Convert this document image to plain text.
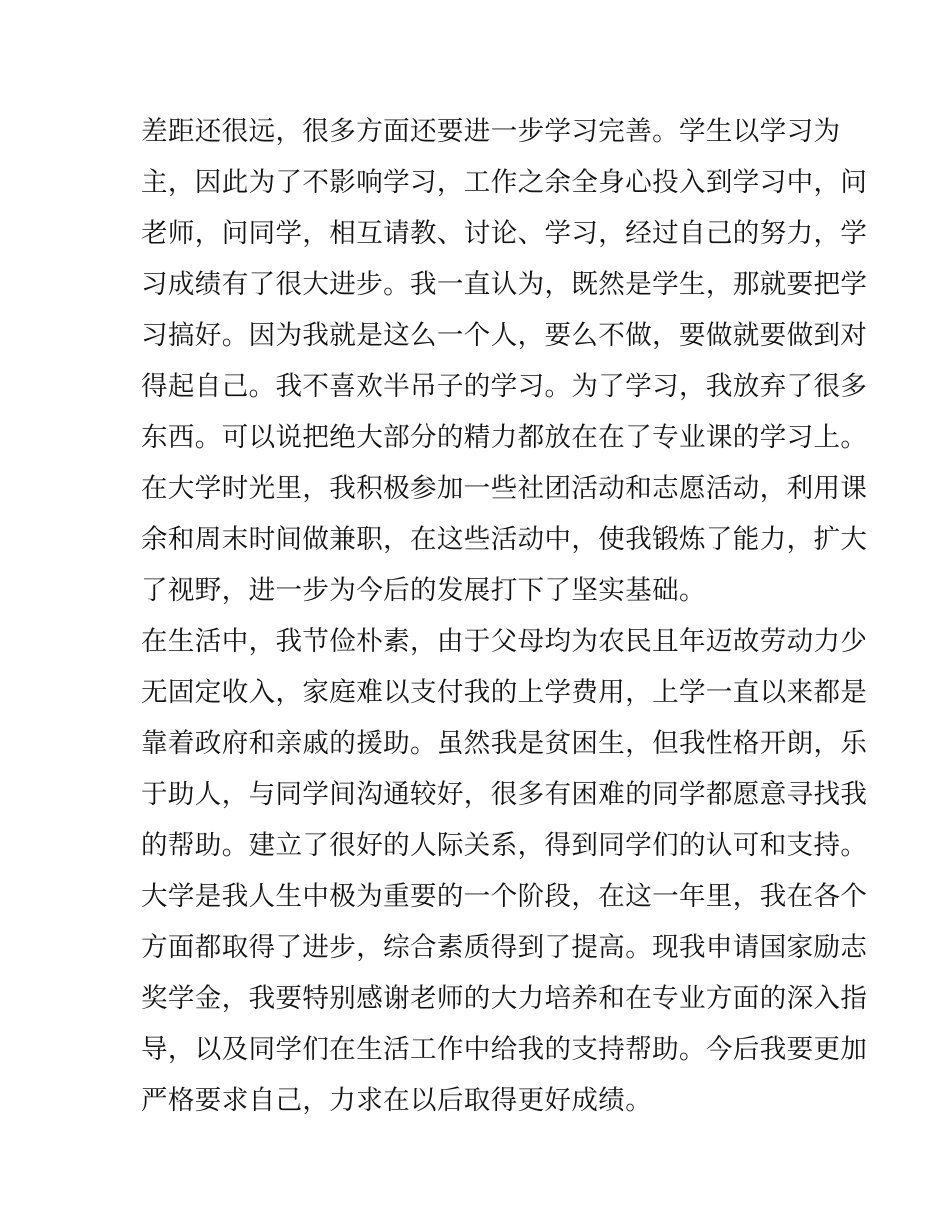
差距还很远，很多方面还要进一步学习完善。学生以学习为
主，因此为了不影响学习，工作之余全身心投入到学习中，问
老师，问同学，相互请教、讨论、学习，经过自己的努力，学
习成绩有了很大进步。我一直认为，既然是学生，那就要把学
习搞好。因为我就是这么一个人，要么不做，要做就要做到对
得起自己。我不喜欢半吊子的学习。为了学习，我放弃了很多
东西。可以说把绝大部分的精力都放在在了专业课的学习上。
在大学时光里，我积极参加一些社团活动和志愿活动，利用课
余和周末时间做兼职，在这些活动中，使我锻炼了能力，扩大
了视野，进一步为今后的发展打下了坚实基础。
在生活中，我节俭朴素，由于父母均为农民且年迈故劳动力少
无固定收入，家庭难以支付我的上学费用，上学一直以来都是
靠着政府和亲戚的援助。虽然我是贫困生，但我性格开朗，乐
于助人，与同学间沟通较好，很多有困难的同学都愿意寻找我
的帮助。建立了很好的人际关系，得到同学们的认可和支持。
大学是我人生中极为重要的一个阶段，在这一年里，我在各个
方面都取得了进步，综合素质得到了提高。现我申请国家励志
奖学金，我要特别感谢老师的大力培养和在专业方面的深入指
导，以及同学们在生活工作中给我的支持帮助。今后我要更加
严格要求自己，力求在以后取得更好成绩。
